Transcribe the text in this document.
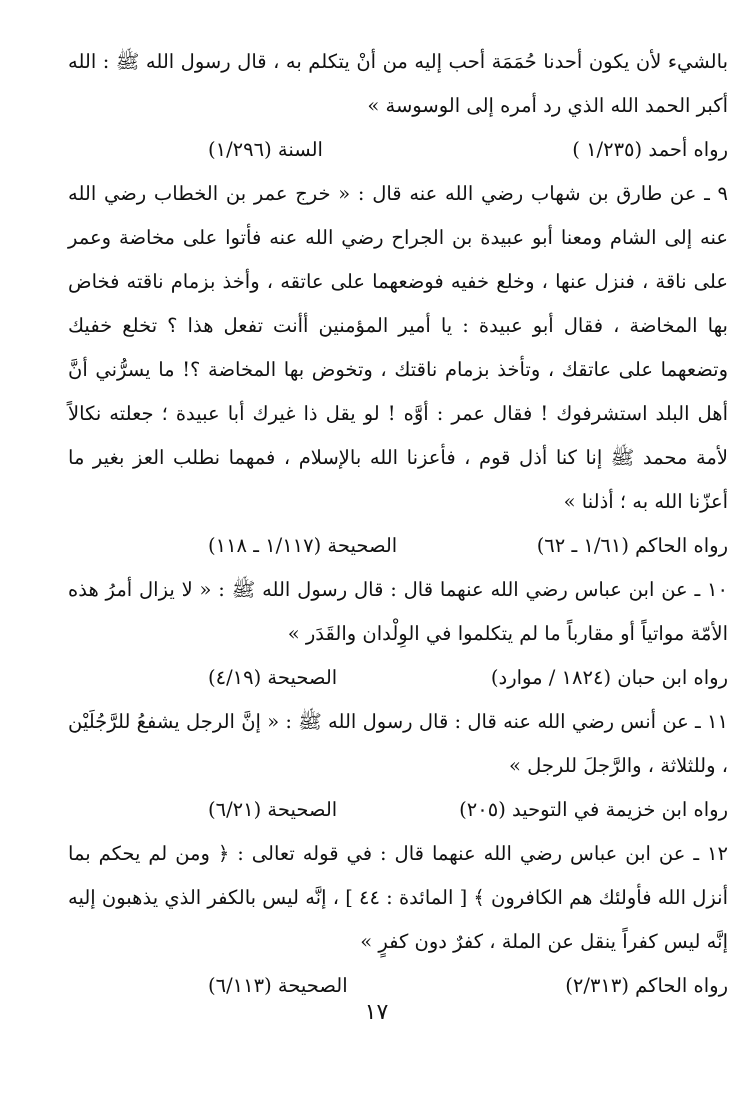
بالشيء لأن يكون أحدنا حُمَمَة أحب إليه من أنْ يتكلم به ، قال رسول الله ﷺ : الله أكبر الحمد الله الذي رد أمره إلى الوسوسة »

رواه أحمد (١/٢٣٥ )
السنة (١/٢٩٦)

٩ ـ عن طارق بن شهاب رضي الله عنه قال : « خرج عمر بن الخطاب رضي الله عنه إلى الشام ومعنا أبو عبيدة بن الجراح رضي الله عنه فأتوا على مخاضة وعمر على ناقة ، فنزل عنها ، وخلع خفيه فوضعهما على عاتقه ، وأخذ بزمام ناقته فخاض بها المخاضة ، فقال أبو عبيدة : يا أمير المؤمنين أأنت تفعل هذا ؟ تخلع خفيك وتضعهما على عاتقك ، وتأخذ بزمام ناقتك ، وتخوض بها المخاضة ؟! ما يسرُّني أنَّ أهل البلد استشرفوك ! فقال عمر : أوَّه ! لو يقل ذا غيرك أبا عبيدة ؛ جعلته نكالاً لأمة محمد ﷺ إنا كنا أذل قوم ، فأعزنا الله بالإسلام ، فمهما نطلب العز بغير ما أعزّنا الله به ؛ أذلنا »

رواه الحاكم (١/٦١ ـ ٦٢)
الصحيحة (١/١١٧ ـ ١١٨)

١٠ ـ عن ابن عباس رضي الله عنهما قال : قال رسول الله ﷺ : « لا يزال أمرُ هذه الأمّة مواتياً أو مقارباً ما لم يتكلموا في الوِلْدان والقَدَر »

رواه ابن حبان (١٨٢٤ / موارد)
الصحيحة (٤/١٩)

١١ ـ عن أنس رضي الله عنه قال : قال رسول الله ﷺ : « إنَّ الرجل يشفعُ للرَّجُلَيْن ، وللثلاثة ، والرَّجلَ للرجل »

رواه ابن خزيمة في التوحيد (٢٠٥)
الصحيحة (٦/٢١)

١٢ ـ عن ابن عباس رضي الله عنهما قال : في قوله تعالى : ﴿ ومن لم يحكم بما أنزل الله فأولئك هم الكافرون ﴾ [ المائدة : ٤٤ ] ، إنَّه ليس بالكفر الذي يذهبون إليه إنَّه ليس كفراً ينقل عن الملة ، كفرٌ دون كفرٍ »

رواه الحاكم (٢/٣١٣)
الصحيحة (٦/١١٣)
١٧
